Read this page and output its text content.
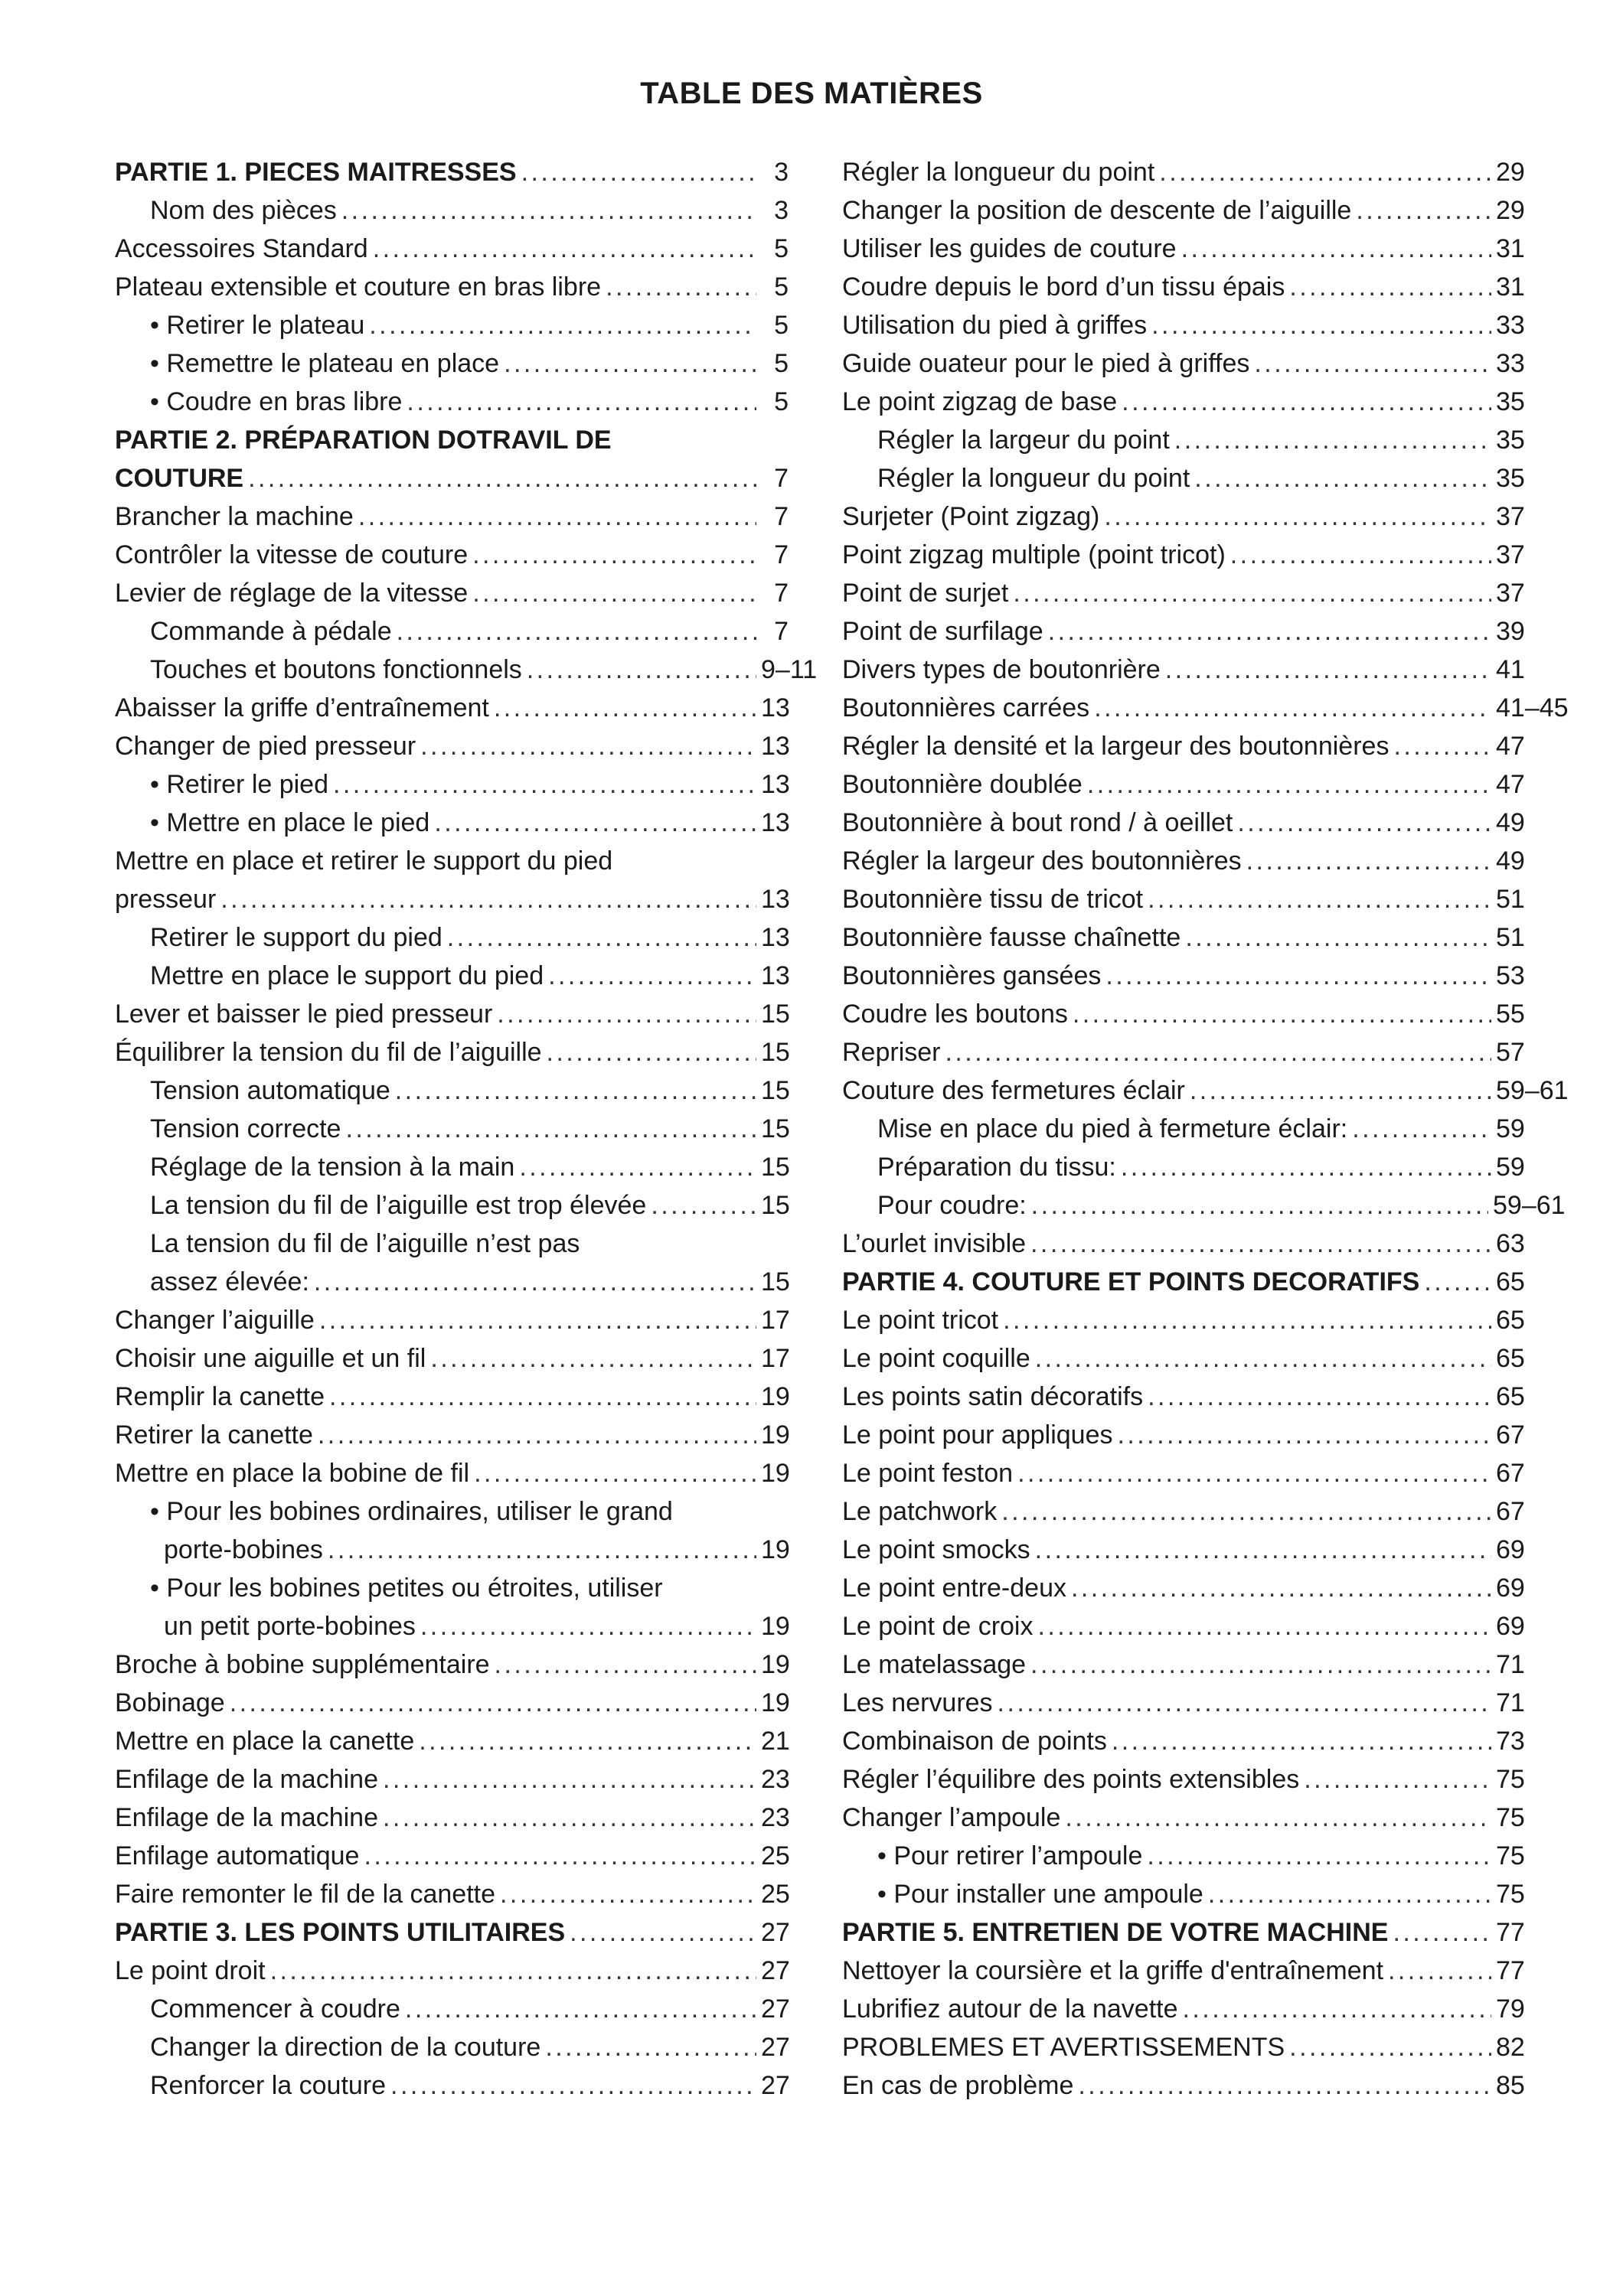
TABLE DES MATIÈRES
PARTIE 1. PIECES MAITRESSES . . .	3
Nom des pièces . . .	3
Accessoires Standard . . .	5
Plateau extensible et couture en bras libre . . .	5
• Retirer le plateau . . .	5
• Remettre le plateau en place . . .	5
• Coudre en bras libre . . .	5
PARTIE 2. PRÉPARATION DOTRAVIL DE
COUTURE . . .	7
Brancher la machine . . .	7
Contrôler la vitesse de couture . . .	7
Levier de réglage de la vitesse . . .	7
Commande à pédale . . .	7
Touches et boutons fonctionnels . . .	9–11
Abaisser la griffe d’entraînement . . .	13
Changer de pied presseur . . .	13
• Retirer le pied . . .	13
• Mettre en place le pied . . .	13
Mettre en place et retirer le support du pied
presseur . . .	13
Retirer le support du pied . . .	13
Mettre en place le support du pied . . .	13
Lever et baisser le pied presseur . . .	15
Équilibrer la tension du fil de l’aiguille . . .	15
Tension automatique . . .	15
Tension correcte . . .	15
Réglage de la tension à la main . . .	15
La tension du fil de l’aiguille est trop élevée . . .	15
La tension du fil de l’aiguille n’est pas
assez élevée: . . .	15
Changer l’aiguille . . .	17
Choisir une aiguille et un fil . . .	17
Remplir la canette . . .	19
Retirer la canette . . .	19
Mettre en place la bobine de fil . . .	19
• Pour les bobines ordinaires, utiliser le grand
porte-bobines . . .	19
• Pour les bobines petites ou étroites, utiliser
un petit porte-bobines . . .	19
Broche à bobine supplémentaire . . .	19
Bobinage . . .	19
Mettre en place la canette . . .	21
Enfilage de la machine . . .	23
Enfilage de la machine . . .	23
Enfilage automatique . . .	25
Faire remonter le fil de la canette . . .	25
PARTIE 3. LES POINTS UTILITAIRES . . .	27
Le point droit . . .	27
Commencer à coudre . . .	27
Changer la direction de la couture . . .	27
Renforcer la couture . . .	27
Régler la longueur du point . . .	29
Changer la position de descente de l’aiguille . . .	29
Utiliser les guides de couture . . .	31
Coudre depuis le bord d’un tissu épais . . .	31
Utilisation du pied à griffes . . .	33
Guide ouateur pour le pied à griffes . . .	33
Le point zigzag de base . . .	35
Régler la largeur du point . . .	35
Régler la longueur du point . . .	35
Surjeter (Point zigzag) . . .	37
Point zigzag multiple (point tricot) . . .	37
Point de surjet . . .	37
Point de surfilage . . .	39
Divers types de boutonrière . . .	41
Boutonnières carrées . . .	41–45
Régler la densité et la largeur des boutonnières . . .	47
Boutonnière doublée . . .	47
Boutonnière à bout rond / à oeillet . . .	49
Régler la largeur des boutonnières . . .	49
Boutonnière tissu de tricot . . .	51
Boutonnière fausse chaînette . . .	51
Boutonnières gansées . . .	53
Coudre les boutons . . .	55
Repriser . . .	57
Couture des fermetures éclair . . .	59–61
Mise en place du pied à fermeture éclair: . . .	59
Préparation du tissu: . . .	59
Pour coudre: . . .	59–61
L’ourlet invisible . . .	63
PARTIE 4. COUTURE ET POINTS DECORATIFS . . .	65
Le point tricot . . .	65
Le point coquille . . .	65
Les points satin décoratifs . . .	65
Le point pour appliques . . .	67
Le point feston . . .	67
Le patchwork . . .	67
Le point smocks . . .	69
Le point entre-deux . . .	69
Le point de croix . . .	69
Le matelassage . . .	71
Les nervures . . .	71
Combinaison de points . . .	73
Régler l’équilibre des points extensibles . . .	75
Changer l’ampoule . . .	75
• Pour retirer l’ampoule . . .	75
• Pour installer une ampoule . . .	75
PARTIE 5. ENTRETIEN DE VOTRE MACHINE . . .	77
Nettoyer la coursière et la griffe d'entraînement . . .	77
Lubrifiez autour de la navette . . .	79
PROBLEMES ET AVERTISSEMENTS . . .	82
En cas de problème . . .	85
